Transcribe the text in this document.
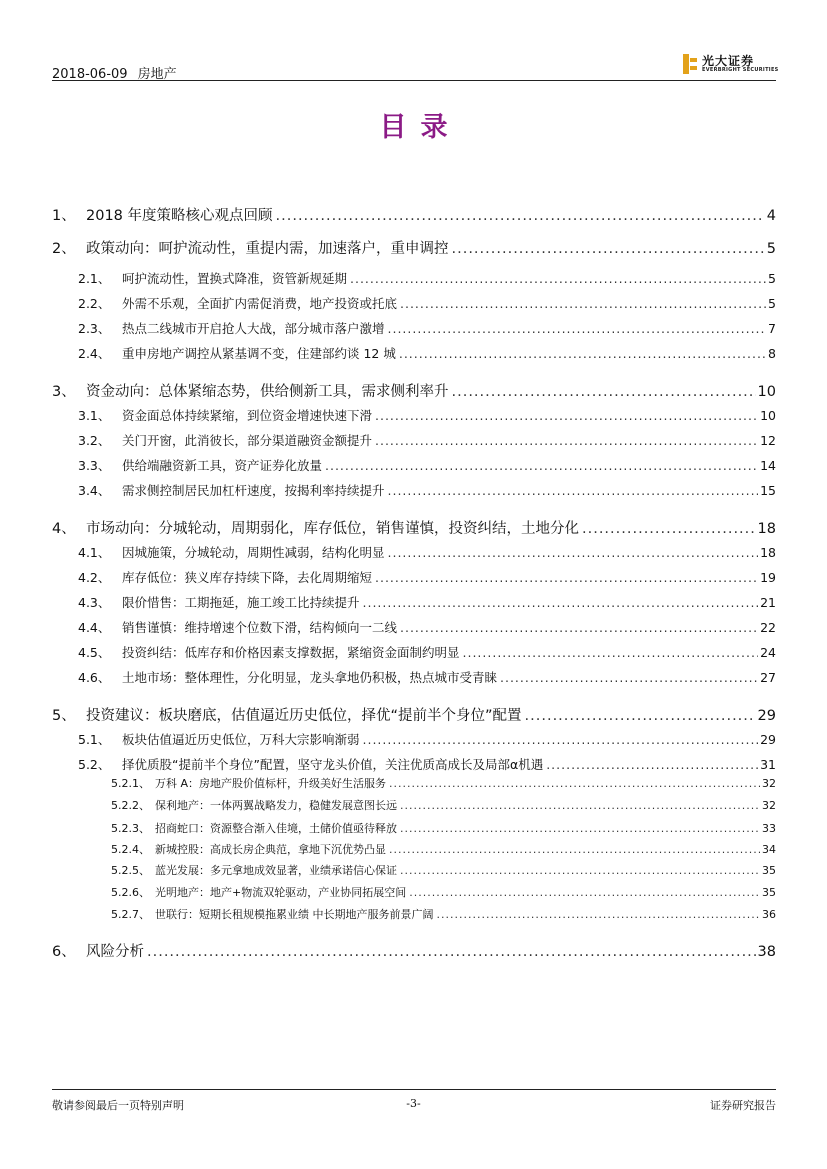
2018-06-09 房地产
光大证券
EVERBRIGHT SECURITIES
目录
1、 2018 年度策略核心观点回顾 .....	4
2、 政策动向：呵护流动性，重提内需，加速落户，重申调控 .....	5
2.1、 呵护流动性，置换式降准，资管新规延期 .....	5
2.2、 外需不乐观，全面扩内需促消费，地产投资或托底 .....	5
2.3、 热点二线城市开启抢人大战，部分城市落户激增 .....	7
2.4、 重申房地产调控从紧基调不变，住建部约谈 12 城 .....	8
3、 资金动向：总体紧缩态势，供给侧新工具，需求侧利率升 .....	10
3.1、 资金面总体持续紧缩，到位资金增速快速下滑 .....	10
3.2、 关门开窗，此消彼长，部分渠道融资金额提升 .....	12
3.3、 供给端融资新工具，资产证券化放量 .....	14
3.4、 需求侧控制居民加杠杆速度，按揭利率持续提升 .....	15
4、 市场动向：分城轮动，周期弱化，库存低位，销售谨慎，投资纠结，土地分化 .....	18
4.1、 因城施策，分城轮动，周期性减弱，结构化明显 .....	18
4.2、 库存低位：狭义库存持续下降，去化周期缩短 .....	19
4.3、 限价惜售：工期拖延，施工竣工比持续提升 .....	21
4.4、 销售谨慎：维持增速个位数下滑，结构倾向一二线 .....	22
4.5、 投资纠结：低库存和价格因素支撑数据，紧缩资金面制约明显 .....	24
4.6、 土地市场：整体理性，分化明显，龙头拿地仍积极，热点城市受青睐 .....	27
5、 投资建议：板块磨底，估值逼近历史低位，择优“提前半个身位”配置 .....	29
5.1、 板块估值逼近历史低位，万科大宗影响渐弱 .....	29
5.2、 择优质股“提前半个身位”配置，坚守龙头价值，关注优质高成长及局部α机遇 .....	31
5.2.1、 万科 A：房地产股价值标杆，升级美好生活服务 .....	32
5.2.2、 保利地产：一体两翼战略发力，稳健发展意图长远 .....	32
5.2.3、 招商蛇口：资源整合渐入佳境，土储价值亟待释放 .....	33
5.2.4、 新城控股：高成长房企典范，拿地下沉优势凸显 .....	34
5.2.5、 蓝光发展：多元拿地成效显著，业绩承诺信心保证 .....	35
5.2.6、 光明地产：地产+物流双轮驱动，产业协同拓展空间 .....	35
5.2.7、 世联行：短期长租规模拖累业绩 中长期地产服务前景广阔 .....	36
6、 风险分析 .....	38
敬请参阅最后一页特别声明	-3-	证券研究报告
